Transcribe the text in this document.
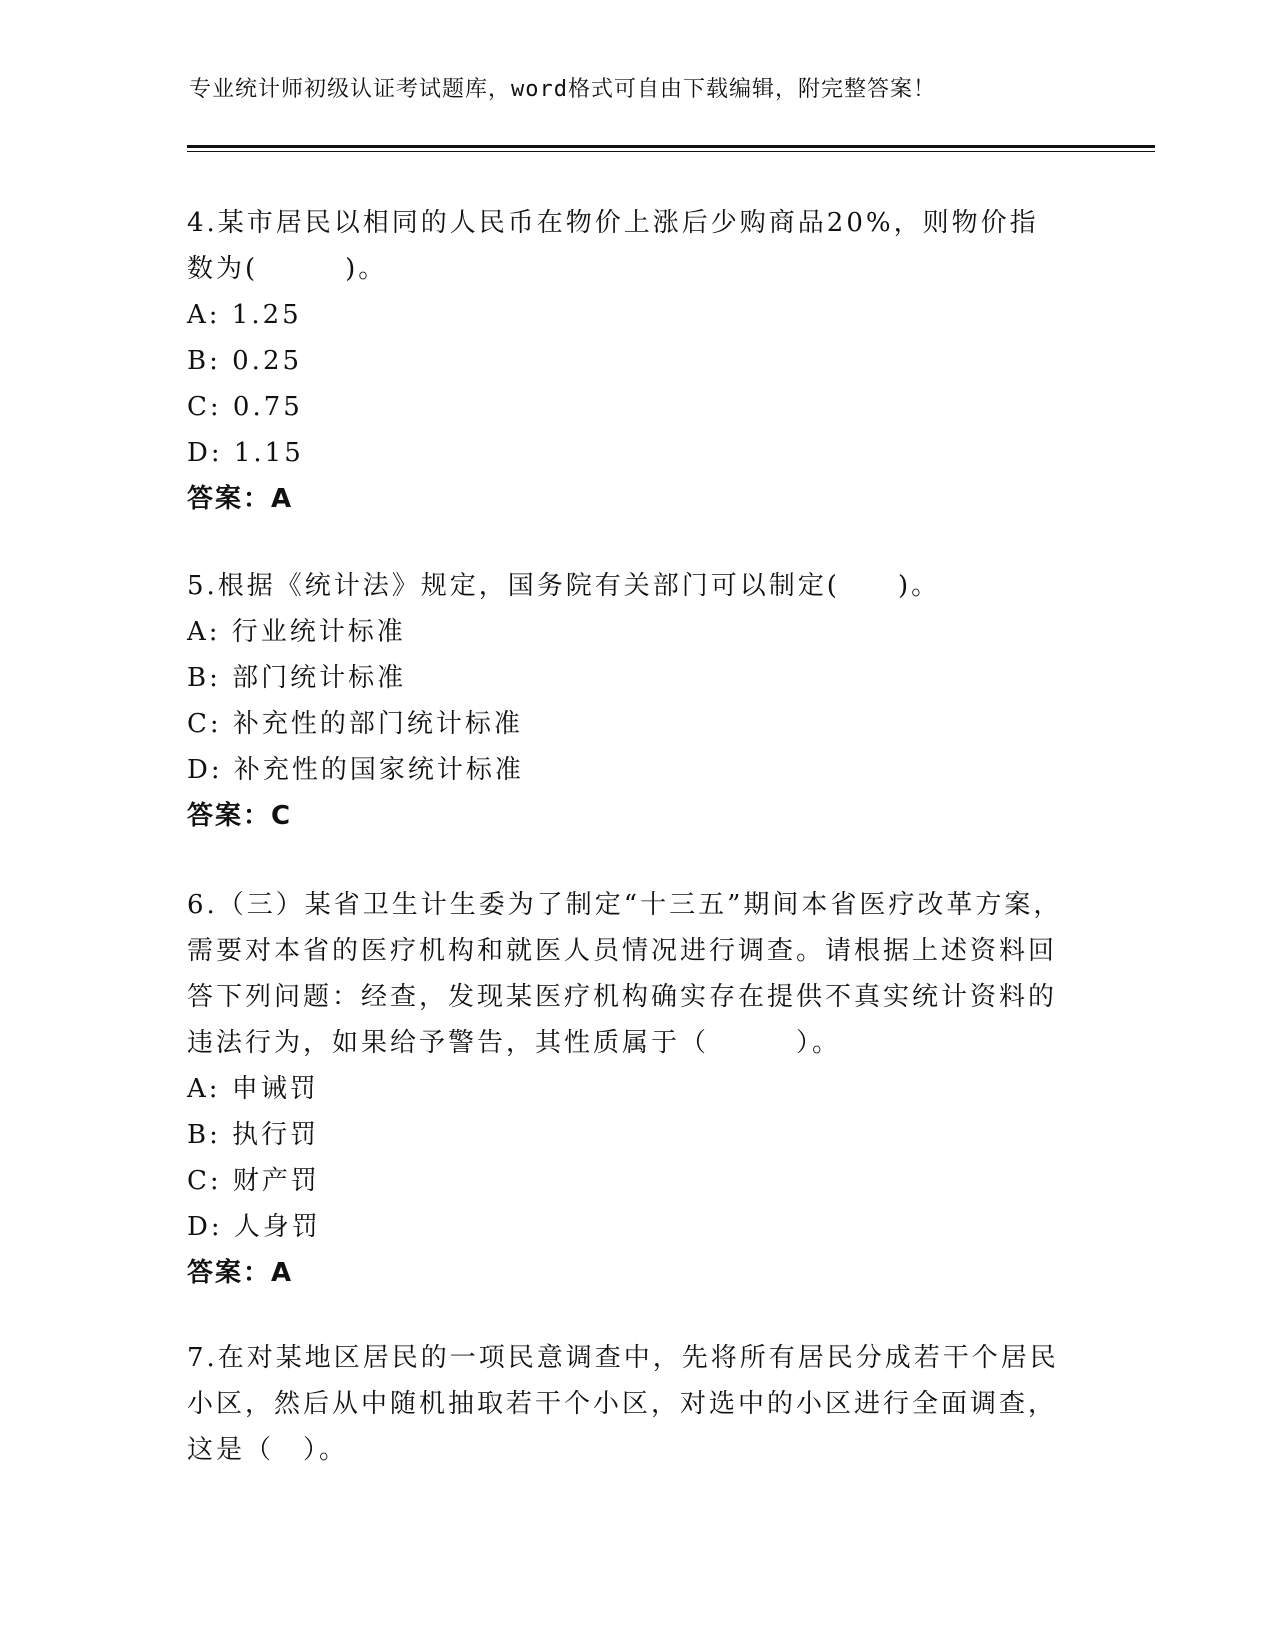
专业统计师初级认证考试题库，word格式可自由下载编辑，附完整答案！

4.某市居民以相同的人民币在物价上涨后少购商品20%，则物价指数为(　　　)。

A: 1.25

B: 0.25

C: 0.75

D: 1.15

答案：A

5.根据《统计法》规定，国务院有关部门可以制定(　　)。

A: 行业统计标准

B: 部门统计标准

C: 补充性的部门统计标准

D: 补充性的国家统计标准

答案：C

6.（三）某省卫生计生委为了制定“十三五”期间本省医疗改革方案，需要对本省的医疗机构和就医人员情况进行调查。请根据上述资料回答下列问题：经查，发现某医疗机构确实存在提供不真实统计资料的违法行为，如果给予警告，其性质属于（　　　）。

A: 申诫罚

B: 执行罚

C: 财产罚

D: 人身罚

答案：A

7.在对某地区居民的一项民意调查中，先将所有居民分成若干个居民小区，然后从中随机抽取若干个小区，对选中的小区进行全面调查，这是（　）。
